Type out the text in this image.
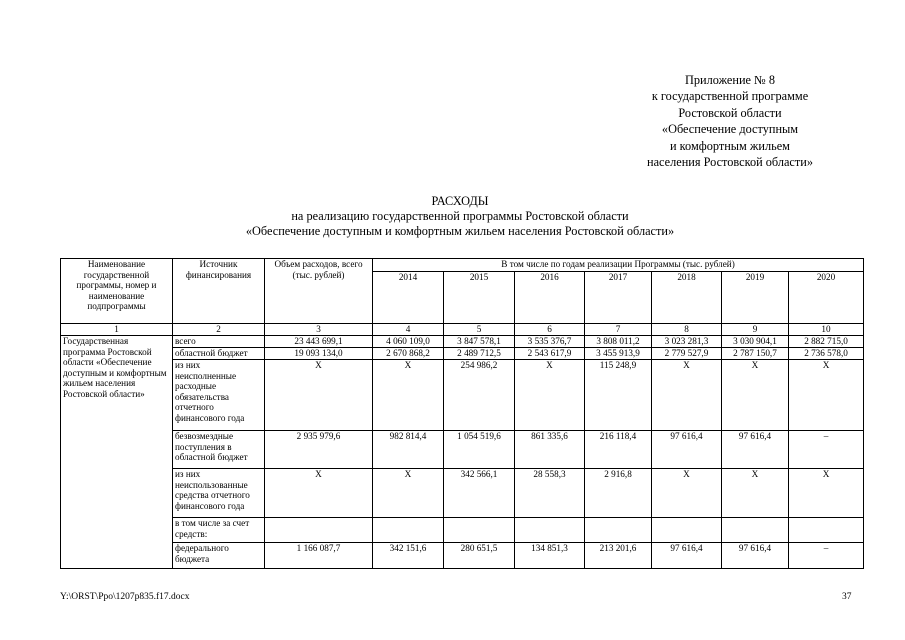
Приложение № 8
к государственной программе
Ростовской области
«Обеспечение доступным
и комфортным жильем
населения Ростовской области»
РАСХОДЫ
на реализацию государственной программы Ростовской области
«Обеспечение доступным и комфортным жильем населения Ростовской области»
Наименование государственной программы, номер и наименование подпрограммы	Источник финансирования	Объем расходов, всего (тыс. рублей)	В том числе по годам реализации Программы (тыс. рублей)						
			2014	2015	2016	2017	2018	2019	2020
1	2	3	4	5	6	7	8	9	10
Государственная программа Ростовской области «Обеспечение доступным и комфортным жильем населения Ростовской области»	всего	23 443 699,1	4 060 109,0	3 847 578,1	3 535 376,7	3 808 011,2	3 023 281,3	3 030 904,1	2 882 715,0
	областной бюджет	19 093 134,0	2 670 868,2	2 489 712,5	2 543 617,9	3 455 913,9	2 779 527,9	2 787 150,7	2 736 578,0
	из них неисполненные расходные обязательства отчетного финансового года	X	X	254 986,2	X	115 248,9	X	X	X
	безвозмездные поступления в областной бюджет	2 935 979,6	982 814,4	1 054 519,6	861 335,6	216 118,4	97 616,4	97 616,4	–
	из них неиспользованные средства отчетного финансового года	X	X	342 566,1	28 558,3	2 916,8	X	X	X
	в том числе за счет средств:								
	федерального бюджета	1 166 087,7	342 151,6	280 651,5	134 851,3	213 201,6	97 616,4	97 616,4	–
Y:\ORST\Ppo\1207p835.f17.docx	37
